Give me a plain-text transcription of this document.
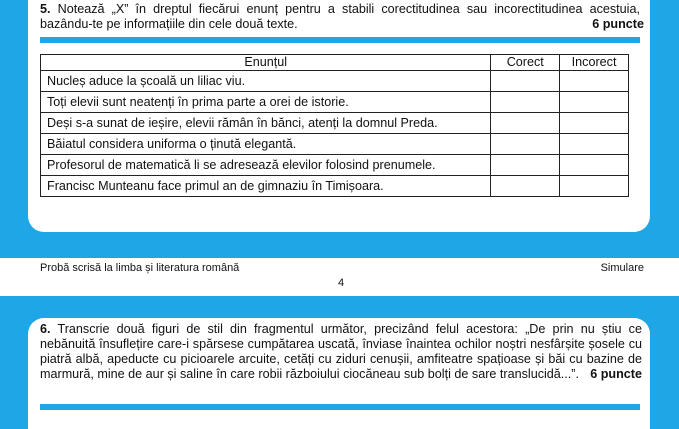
5. Notează „X” în dreptul fiecărui enunț pentru a stabili corectitudinea sau incorectitudinea acestuia, bazându-te pe informațiile din cele două texte.	6 puncte
Enunțul	Corect	Incorect
Nucleș aduce la școală un liliac viu.		
Toți elevii sunt neatenți în prima parte a orei de istorie.		
Deși s-a sunat de ieșire, elevii rămân în bănci, atenți la domnul Preda.		
Băiatul considera uniforma o ținută elegantă.		
Profesorul de matematică li se adresează elevilor folosind prenumele.		
Francisc Munteanu face primul an de gimnaziu în Timișoara.		
Probă scrisă la limba și literatura română	Simulare
4
6. Transcrie două figuri de stil din fragmentul următor, precizând felul acestora: „De prin nu știu ce nebănuită însuflețire care-i spărsese cumpătarea uscată, înviase înaintea ochilor noștri nesfârșite șosele cu piatră albă, apeducte cu picioarele arcuite, cetăți cu ziduri cenușii, amfiteatre spațioase și băi cu bazine de marmură, mine de aur și saline în care robii războiului ciocăneau sub bolți de sare translucidă...”. 6 puncte
